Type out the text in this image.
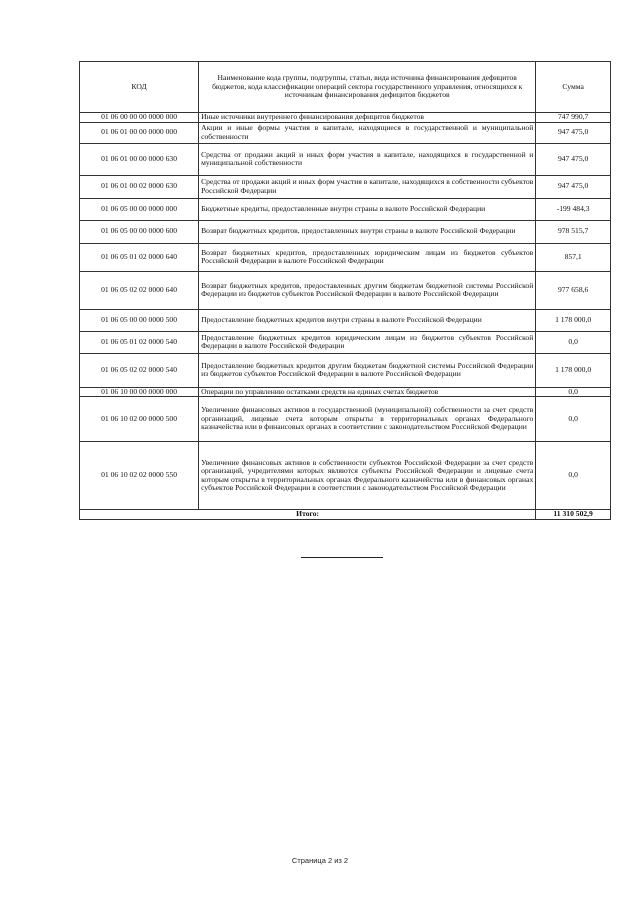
КОД	Наименование кода группы, подгруппы, статьи, вида источника финансирования дефицитов бюджетов, кода классификации операций сектора государственного управления, относящихся к источникам финансирования дефицитов бюджетов	Сумма
01 06 00 00 00 0000 000	Иные источники внутреннего финансирования дефицитов бюджетов	747 990,7
01 06 01 00 00 0000 000	Акции и иные формы участия в капитале, находящиеся в государственной и муниципальной собственности	947 475,0
01 06 01 00 00 0000 630	Средства от продажи акций и иных форм участия в капитале, находящихся в государственной и муниципальной собственности	947 475,0
01 06 01 00 02 0000 630	Средства от продажи акций и иных форм участия в капитале, находящихся в собственности субъектов Российской Федерации	947 475,0
01 06 05 00 00 0000 000	Бюджетные кредиты, предоставленные внутри страны в валюте Российской Федерации	-199 484,3
01 06 05 00 00 0000 600	Возврат бюджетных кредитов, предоставленных внутри страны в валюте Российской Федерации	978 515,7
01 06 05 01 02 0000 640	Возврат бюджетных кредитов, предоставленных юридическим лицам из бюджетов субъектов Российской Федерации в валюте Российской Федерации	857,1
01 06 05 02 02 0000 640	Возврат бюджетных кредитов, предоставленных другим бюджетам бюджетной системы Российской Федерации из бюджетов субъектов Российской Федерации в валюте Российской Федерации	977 658,6
01 06 05 00 00 0000 500	Предоставление бюджетных кредитов внутри страны в валюте Российской Федерации	1 178 000,0
01 06 05 01 02 0000 540	Предоставление бюджетных кредитов юридическим лицам из бюджетов субъектов Российской Федерации в валюте Российской Федерации	0,0
01 06 05 02 02 0000 540	Предоставление бюджетных кредитов другим бюджетам бюджетной системы Российской Федерации из бюджетов субъектов Российской Федерации в валюте Российской Федерации	1 178 000,0
01 06 10 00 00 0000 000	Операции по управлению остатками средств на единых счетах бюджетов	0,0
01 06 10 02 00 0000 500	Увеличение финансовых активов в государственной (муниципальной) собственности за счет средств организаций, лицевые счета которым открыты в территориальных органах Федерального казначейства или в финансовых органах в соответствии с законодательством Российской Федерации	0,0
01 06 10 02 02 0000 550	Увеличение финансовых активов в собственности субъектов Российской Федерации за счет средств организаций, учредителями которых являются субъекты Российской Федерации и лицевые счета которым открыты в территориальных органах Федерального казначейства или в финансовых органах субъектов Российской Федерации в соответствии с законодательством Российской Федерации	0,0
Итого:		11 310 502,9
Страница 2 из 2
